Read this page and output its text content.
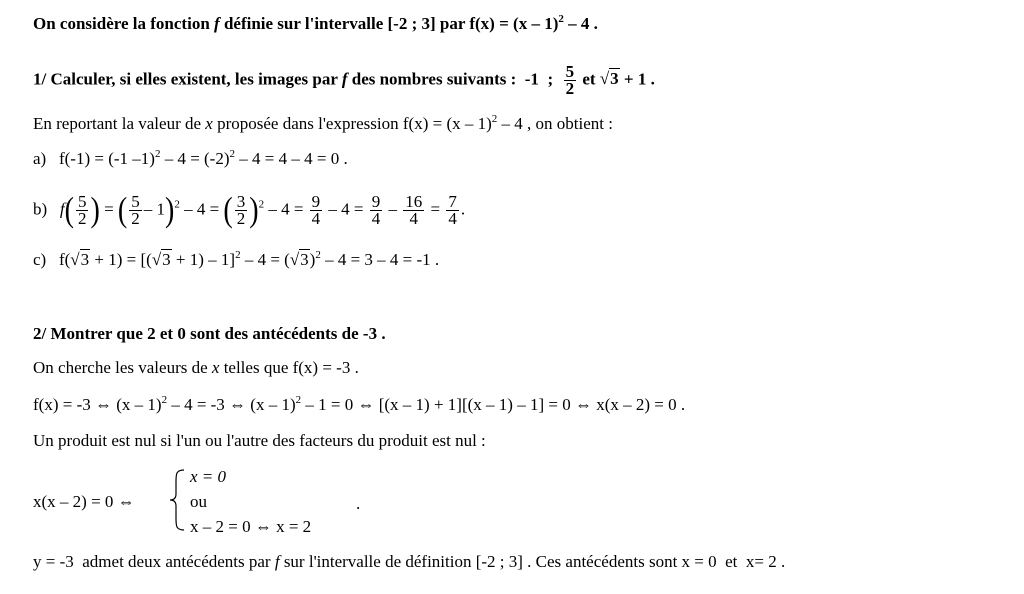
On considère la fonction f définie sur l'intervalle [-2 ; 3] par f(x) = (x – 1)$^2$ – 4 .
1/ Calculer, si elles existent, les images par f des nombres suivants : -1 ; $\frac{5}{2}$ et √3 + 1 .
En reportant la valeur de x proposée dans l'expression f(x) = (x – 1)$^2$ – 4 , on obtient :
a) f(-1) = (-1 $-1)^2 - 4 = (-2)^2 - 4 = 4 - 4 = 0$ .
b) $f( \frac{5}{2}$ ) = ( $\frac{5}{2} - 1)^2 - 4$ = ( $\frac{3}{2} )^2 - 4 = \frac{9}{4} - 4 = \frac{9}{4} - \frac{16}{4} = \frac{7}{4}$ .
c) $f(√3 + 1) = [(√3 + 1) - 1]^2 - 4 = (√3)^2 - 4 = 3 - 4 = -1$ .
2/ Montrer que 2 et 0 sont des antécédents de -3 .
On cherche les valeurs de x telles que f(x) = -3 .
f(x) = -3 ⇔ (x – 1)$^2$ – 4 = -3 ⇔ (x – 1)$^2$ – 1 = 0 ⇔ [(x – 1) + 1][(x – 1) – 1] = 0 ⇔ x(x – 2) = 0 .
Un produit est nul si l'un ou l'autre des facteurs du produit est nul :
x(x – 2) = 0 ⇔
x = 0
ou
x – 2 = 0 ⇔ x = 2
.
y = -3 admet deux antécédents par f sur l'intervalle de définition [-2 ; 3] . Ces antécédents sont x = 0 et x= 2 .
